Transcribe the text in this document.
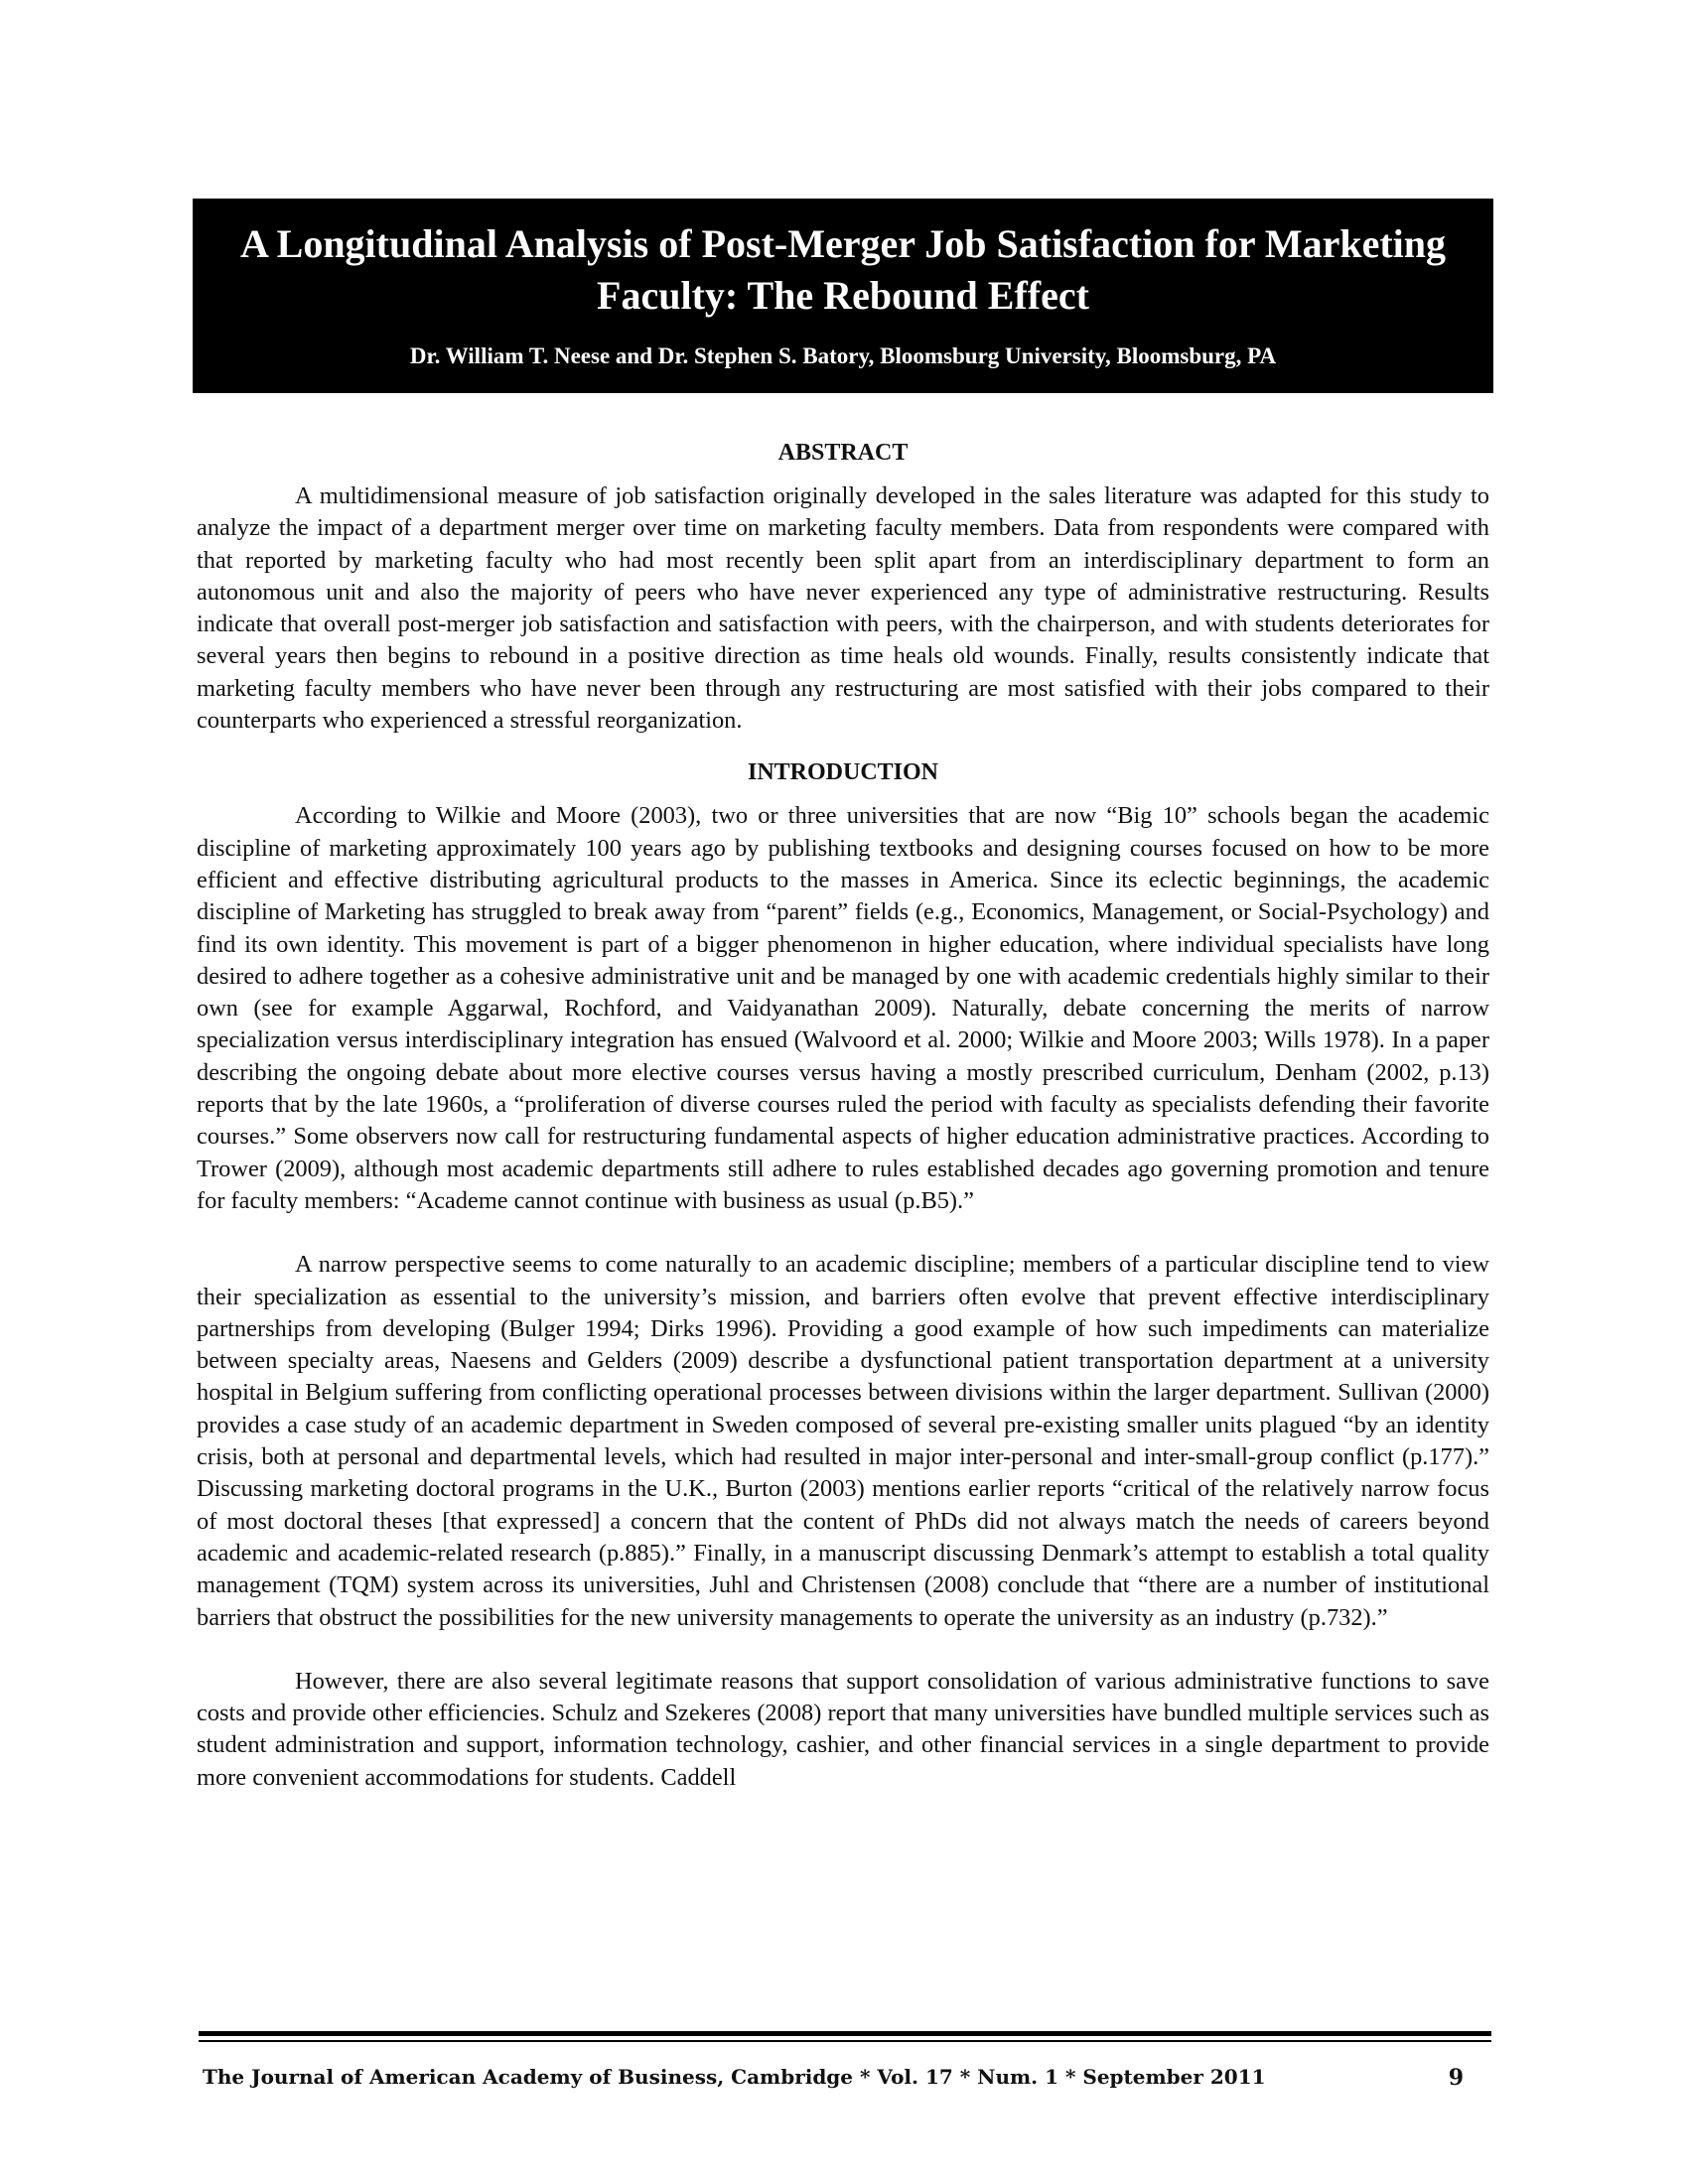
A Longitudinal Analysis of Post-Merger Job Satisfaction for Marketing Faculty: The Rebound Effect
Dr. William T. Neese and Dr. Stephen S. Batory, Bloomsburg University, Bloomsburg, PA
ABSTRACT

A multidimensional measure of job satisfaction originally developed in the sales literature was adapted for this study to analyze the impact of a department merger over time on marketing faculty members. Data from respondents were compared with that reported by marketing faculty who had most recently been split apart from an interdisciplinary department to form an autonomous unit and also the majority of peers who have never experienced any type of administrative restructuring. Results indicate that overall post-merger job satisfaction and satisfaction with peers, with the chairperson, and with students deteriorates for several years then begins to rebound in a positive direction as time heals old wounds. Finally, results consistently indicate that marketing faculty members who have never been through any restructuring are most satisfied with their jobs compared to their counterparts who experienced a stressful reorganization.

INTRODUCTION

According to Wilkie and Moore (2003), two or three universities that are now “Big 10” schools began the academic discipline of marketing approximately 100 years ago by publishing textbooks and designing courses focused on how to be more efficient and effective distributing agricultural products to the masses in America. Since its eclectic beginnings, the academic discipline of Marketing has struggled to break away from “parent” fields (e.g., Economics, Management, or Social-Psychology) and find its own identity. This movement is part of a bigger phenomenon in higher education, where individual specialists have long desired to adhere together as a cohesive administrative unit and be managed by one with academic credentials highly similar to their own (see for example Aggarwal, Rochford, and Vaidyanathan 2009). Naturally, debate concerning the merits of narrow specialization versus interdisciplinary integration has ensued (Walvoord et al. 2000; Wilkie and Moore 2003; Wills 1978). In a paper describing the ongoing debate about more elective courses versus having a mostly prescribed curriculum, Denham (2002, p.13) reports that by the late 1960s, a “proliferation of diverse courses ruled the period with faculty as specialists defending their favorite courses.” Some observers now call for restructuring fundamental aspects of higher education administrative practices. According to Trower (2009), although most academic departments still adhere to rules established decades ago governing promotion and tenure for faculty members: “Academe cannot continue with business as usual (p.B5).”

A narrow perspective seems to come naturally to an academic discipline; members of a particular discipline tend to view their specialization as essential to the university’s mission, and barriers often evolve that prevent effective interdisciplinary partnerships from developing (Bulger 1994; Dirks 1996). Providing a good example of how such impediments can materialize between specialty areas, Naesens and Gelders (2009) describe a dysfunctional patient transportation department at a university hospital in Belgium suffering from conflicting operational processes between divisions within the larger department. Sullivan (2000) provides a case study of an academic department in Sweden composed of several pre-existing smaller units plagued “by an identity crisis, both at personal and departmental levels, which had resulted in major inter-personal and inter-small-group conflict (p.177).” Discussing marketing doctoral programs in the U.K., Burton (2003) mentions earlier reports “critical of the relatively narrow focus of most doctoral theses [that expressed] a concern that the content of PhDs did not always match the needs of careers beyond academic and academic-related research (p.885).” Finally, in a manuscript discussing Denmark’s attempt to establish a total quality management (TQM) system across its universities, Juhl and Christensen (2008) conclude that “there are a number of institutional barriers that obstruct the possibilities for the new university managements to operate the university as an industry (p.732).”

However, there are also several legitimate reasons that support consolidation of various administrative functions to save costs and provide other efficiencies. Schulz and Szekeres (2008) report that many universities have bundled multiple services such as student administration and support, information technology, cashier, and other financial services in a single department to provide more convenient accommodations for students. Caddell

The Journal of American Academy of Business, Cambridge * Vol. 17 * Num. 1 * September 2011	9
